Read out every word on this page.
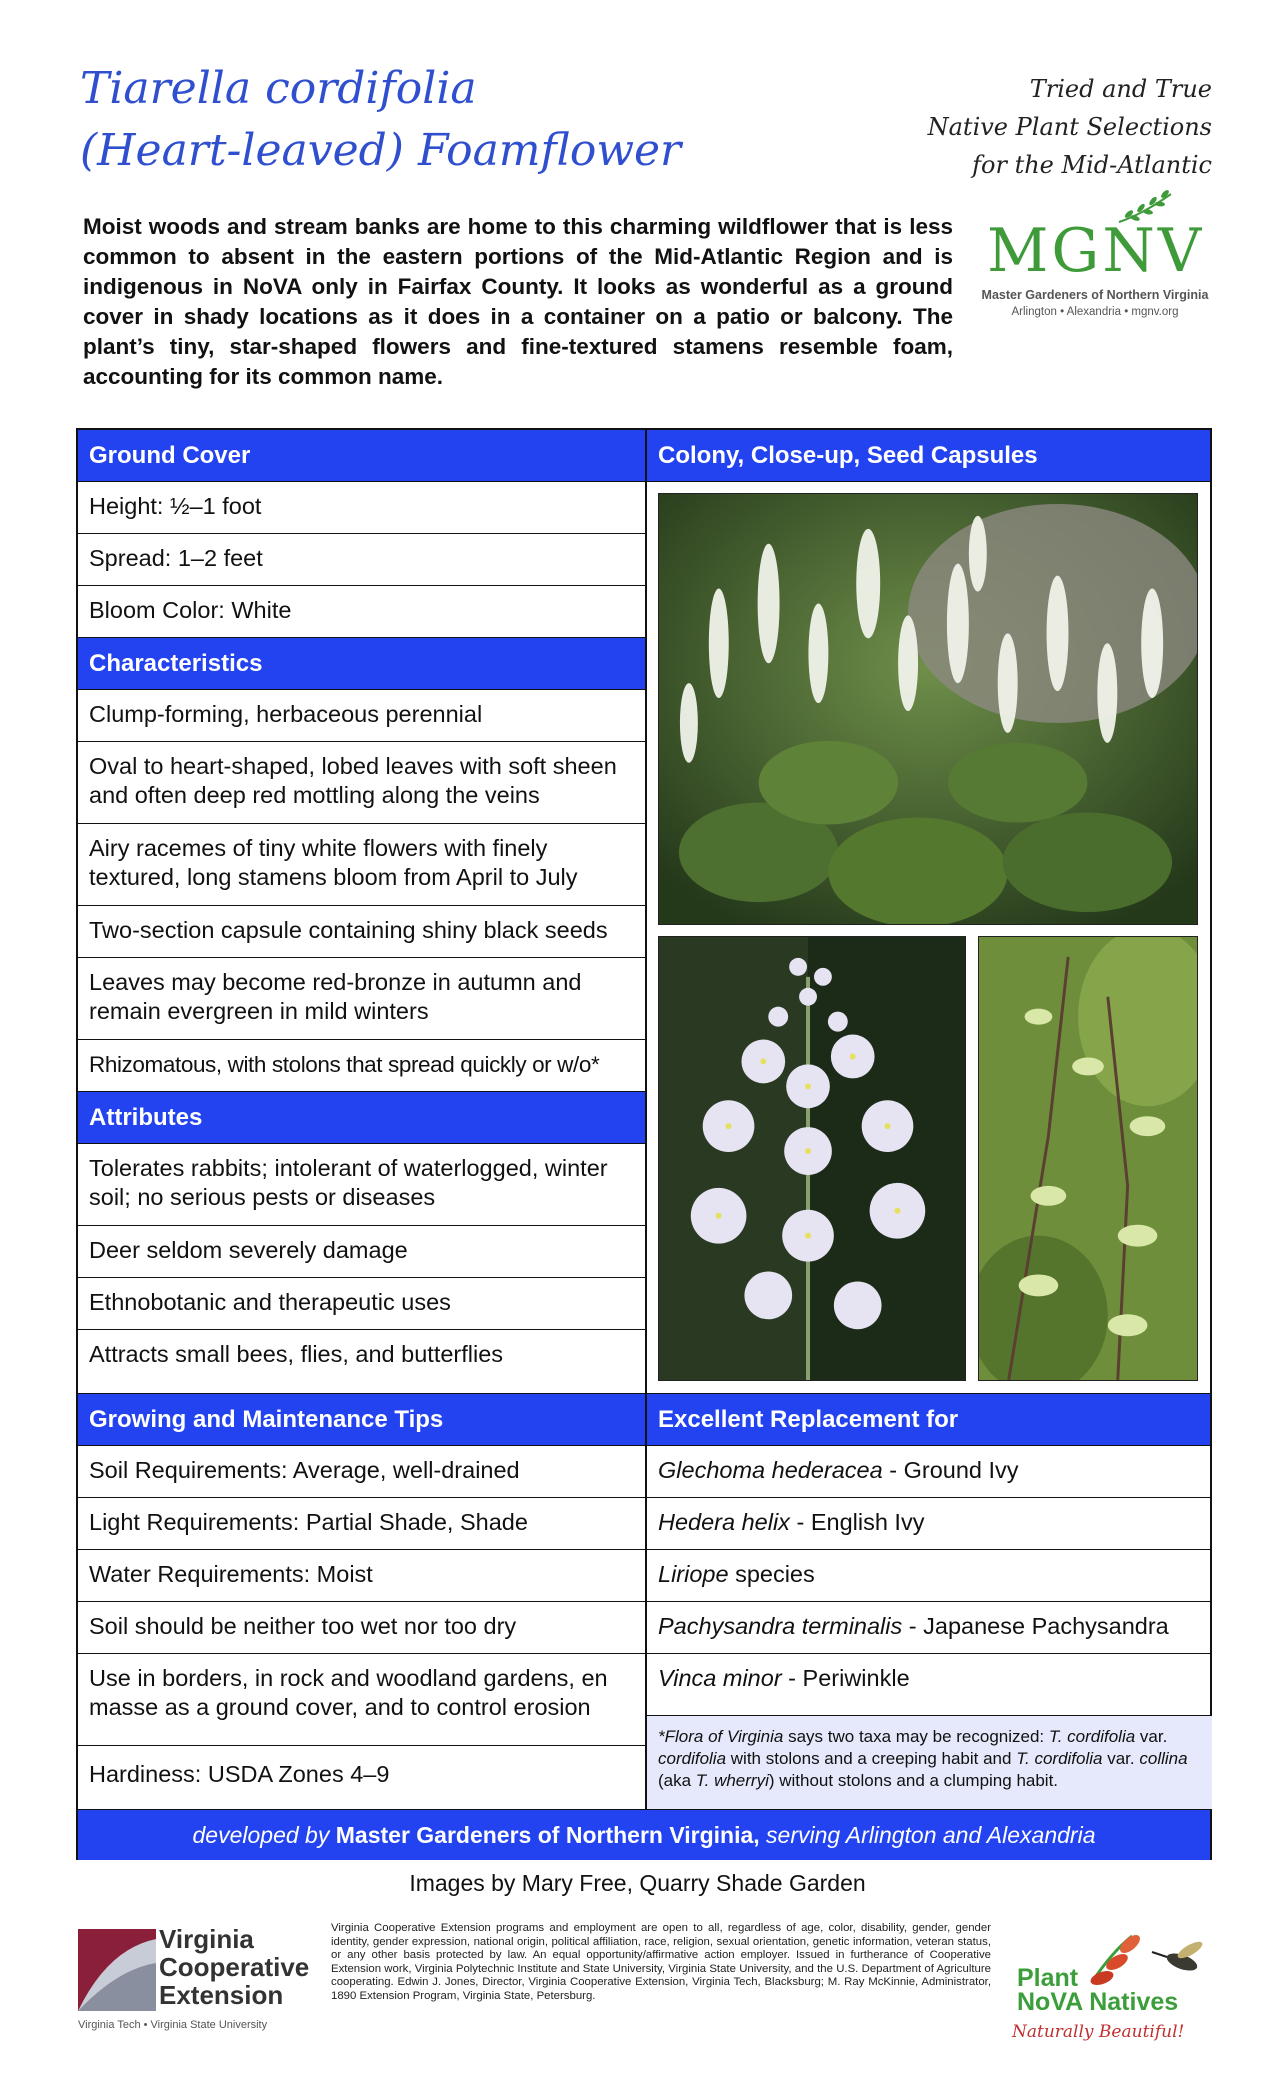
Tiarella cordifolia
(Heart-leaved) Foamflower
Tried and True
Native Plant Selections
for the Mid-Atlantic
MGNV
Master Gardeners of Northern Virginia
Arlington • Alexandria • mgnv.org

Moist woods and stream banks are home to this charming wildflower that is less common to absent in the eastern portions of the Mid-Atlantic Region and is indigenous in NoVA only in Fairfax County. It looks as wonderful as a ground cover in shady locations as it does in a container on a patio or balcony. The plant’s tiny, star-shaped flowers and fine-textured stamens resemble foam, accounting for its common name.

Ground Cover
Height: ½–1 foot
Spread: 1–2 feet
Bloom Color: White
Characteristics
Clump-forming, herbaceous perennial
Oval to heart-shaped, lobed leaves with soft sheen and often deep red mottling along the veins
Airy racemes of tiny white flowers with finely textured, long stamens bloom from April to July
Two-section capsule containing shiny black seeds
Leaves may become red-bronze in autumn and remain evergreen in mild winters
Rhizomatous, with stolons that spread quickly or w/o*
Attributes
Tolerates rabbits; intolerant of waterlogged, winter soil; no serious pests or diseases
Deer seldom severely damage
Ethnobotanic and therapeutic uses
Attracts small bees, flies, and butterflies
Colony, Close-up, Seed Capsules
Growing and Maintenance Tips
Soil Requirements: Average, well-drained
Light Requirements: Partial Shade, Shade
Water Requirements: Moist
Soil should be neither too wet nor too dry
Use in borders, in rock and woodland gardens, en masse as a ground cover, and to control erosion
Hardiness: USDA Zones 4–9
Excellent Replacement for
Glechoma hederacea - Ground Ivy
Hedera helix - English Ivy
Liriope species
Pachysandra terminalis - Japanese Pachysandra
Vinca minor - Periwinkle
*Flora of Virginia says two taxa may be recognized: T. cordifolia var. cordifolia with stolons and a creeping habit and T. cordifolia var. collina (aka T. wherryi) without stolons and a clumping habit.
developed by Master Gardeners of Northern Virginia, serving Arlington and Alexandria
Images by Mary Free, Quarry Shade Garden
Virginia
Cooperative
Extension
Virginia Tech • Virginia State University

Virginia Cooperative Extension programs and employment are open to all, regardless of age, color, disability, gender, gender identity, gender expression, national origin, political affiliation, race, religion, sexual orientation, genetic information, veteran status, or any other basis protected by law. An equal opportunity/affirmative action employer. Issued in furtherance of Cooperative Extension work, Virginia Polytechnic Institute and State University, Virginia State University, and the U.S. Department of Agriculture cooperating. Edwin J. Jones, Director, Virginia Cooperative Extension, Virginia Tech, Blacksburg; M. Ray McKinnie, Administrator, 1890 Extension Program, Virginia State, Petersburg.

Plant
NoVA Natives
Naturally Beautiful!
